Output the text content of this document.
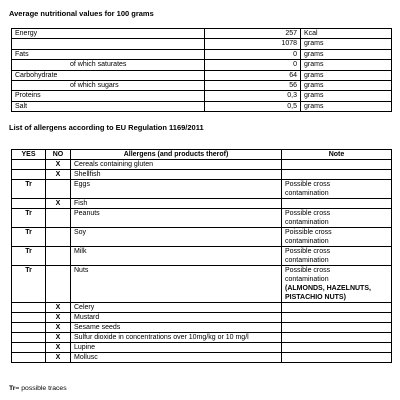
Average nutritional values for 100 grams
Energy	257	Kcal
	1078	grams
Fats	0	grams
of which saturates	0	grams
Carbohydrate	64	grams
of which sugars	56	grams
Proteins	0,3	grams
Salt	0,5	grams
List of allergens according to EU Regulation 1169/2011
YES	NO	Allergens (and products therof)	Note
	X	Cereals containing gluten	
	X	Shellfish	
Tr		Eggs	Possible cross
contamination

	X	Fish	
Tr		Peanuts	Possible cross
contamination

Tr		Soy	Poissible cross
contamination

Tr		Milk	Possible cross
contamination

Tr		Nuts	Possible cross
contamination
(ALMONDS, HAZELNUTS,
PISTACHIO NUTS)

	X	Celery	
	X	Mustard	
	X	Sesame seeds	
	X	Sulfur dioxide in concentrations over 10mg/kg or 10 mg/l	
	X	Lupine	
	X	Mollusc	
Tr= possible traces
